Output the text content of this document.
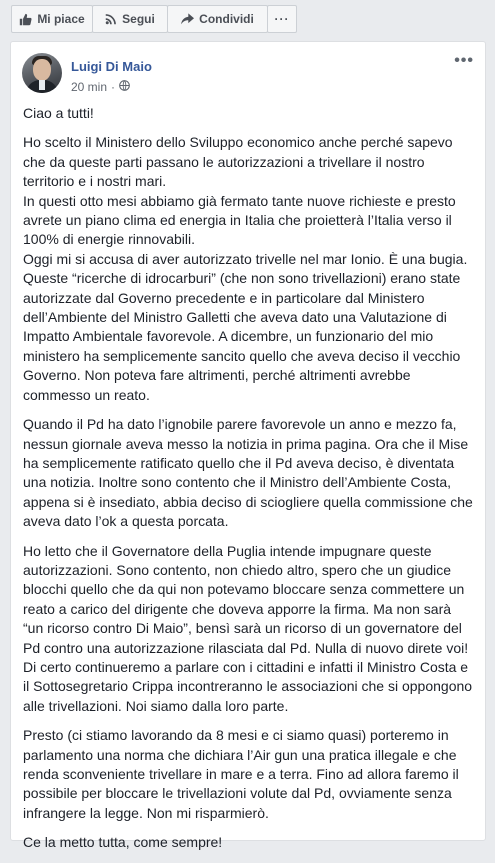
Mi piace	Segui	Condividi ···
Luigi Di Maio
20 min ·
•••

Ciao a tutti!

Ho scelto il Ministero dello Sviluppo economico anche perché sapevo
che da queste parti passano le autorizzazioni a trivellare il nostro
territorio e i nostri mari.
In questi otto mesi abbiamo già fermato tante nuove richieste e presto
avrete un piano clima ed energia in Italia che proietterà l’Italia verso il
100% di energie rinnovabili.
Oggi mi si accusa di aver autorizzato trivelle nel mar Ionio. È una bugia.
Queste “ricerche di idrocarburi” (che non sono trivellazioni) erano state
autorizzate dal Governo precedente e in particolare dal Ministero
dell’Ambiente del Ministro Galletti che aveva dato una Valutazione di
Impatto Ambientale favorevole. A dicembre, un funzionario del mio
ministero ha semplicemente sancito quello che aveva deciso il vecchio
Governo. Non poteva fare altrimenti, perché altrimenti avrebbe
commesso un reato.

Quando il Pd ha dato l’ignobile parere favorevole un anno e mezzo fa,
nessun giornale aveva messo la notizia in prima pagina. Ora che il Mise
ha semplicemente ratificato quello che il Pd aveva deciso, è diventata
una notizia. Inoltre sono contento che il Ministro dell’Ambiente Costa,
appena si è insediato, abbia deciso di sciogliere quella commissione che
aveva dato l’ok a questa porcata.

Ho letto che il Governatore della Puglia intende impugnare queste
autorizzazioni. Sono contento, non chiedo altro, spero che un giudice
blocchi quello che da qui non potevamo bloccare senza commettere un
reato a carico del dirigente che doveva apporre la firma. Ma non sarà
“un ricorso contro Di Maio”, bensì sarà un ricorso di un governatore del
Pd contro una autorizzazione rilasciata dal Pd. Nulla di nuovo direte voi!
Di certo continueremo a parlare con i cittadini e infatti il Ministro Costa e
il Sottosegretario Crippa incontreranno le associazioni che si oppongono
alle trivellazioni. Noi siamo dalla loro parte.

Presto (ci stiamo lavorando da 8 mesi e ci siamo quasi) porteremo in
parlamento una norma che dichiara l’Air gun una pratica illegale e che
renda sconveniente trivellare in mare e a terra. Fino ad allora faremo il
possibile per bloccare le trivellazioni volute dal Pd, ovviamente senza
infrangere la legge. Non mi risparmierò.

Ce la metto tutta, come sempre!
